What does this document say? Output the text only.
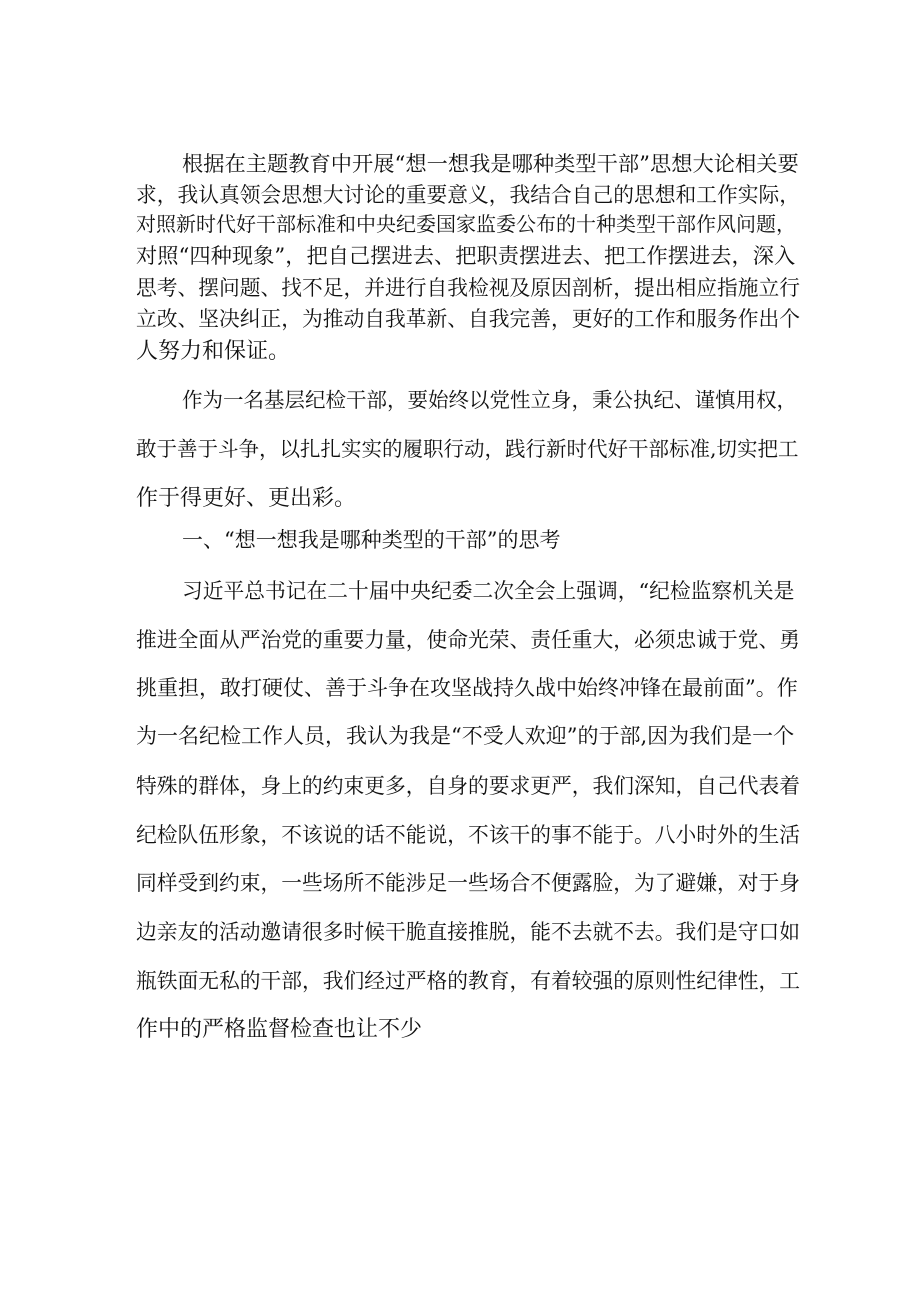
根据在主题教育中开展“想一想我是哪种类型干部”思想大论相关要
求，我认真领会思想大讨论的重要意义，我结合自己的思想和工作实际，
对照新时代好干部标准和中央纪委国家监委公布的十种类型干部作风问题，
对照“四种现象”，把自己摆进去、把职责摆进去、把工作摆进去，深入
思考、摆问题、找不足，并进行自我检视及原因剖析，提出相应指施立行
立改、坚决纠正，为推动自我革新、自我完善，更好的工作和服务作出个
人努力和保证。
作为一名基层纪检干部，要始终以党性立身，秉公执纪、谨慎用权，
敢于善于斗争，以扎扎实实的履职行动，践行新时代好干部标准,切实把工
作于得更好、更出彩。
一、“想一想我是哪种类型的干部”的思考
习近平总书记在二十届中央纪委二次全会上强调，“纪检监察机关是
推进全面从严治党的重要力量，使命光荣、责任重大，必须忠诚于党、勇
挑重担，敢打硬仗、善于斗争在攻坚战持久战中始终冲锋在最前面”。作
为一名纪检工作人员，我认为我是“不受人欢迎”的于部,因为我们是一个
特殊的群体，身上的约束更多，自身的要求更严，我们深知，自己代表着
纪检队伍形象，不该说的话不能说，不该干的事不能于。八小时外的生活
同样受到约束，一些场所不能涉足一些场合不便露脸，为了避嫌，对于身
边亲友的活动邀请很多时候干脆直接推脱，能不去就不去。我们是守口如
瓶铁面无私的干部，我们经过严格的教育，有着较强的原则性纪律性，工
作中的严格监督检查也让不少
